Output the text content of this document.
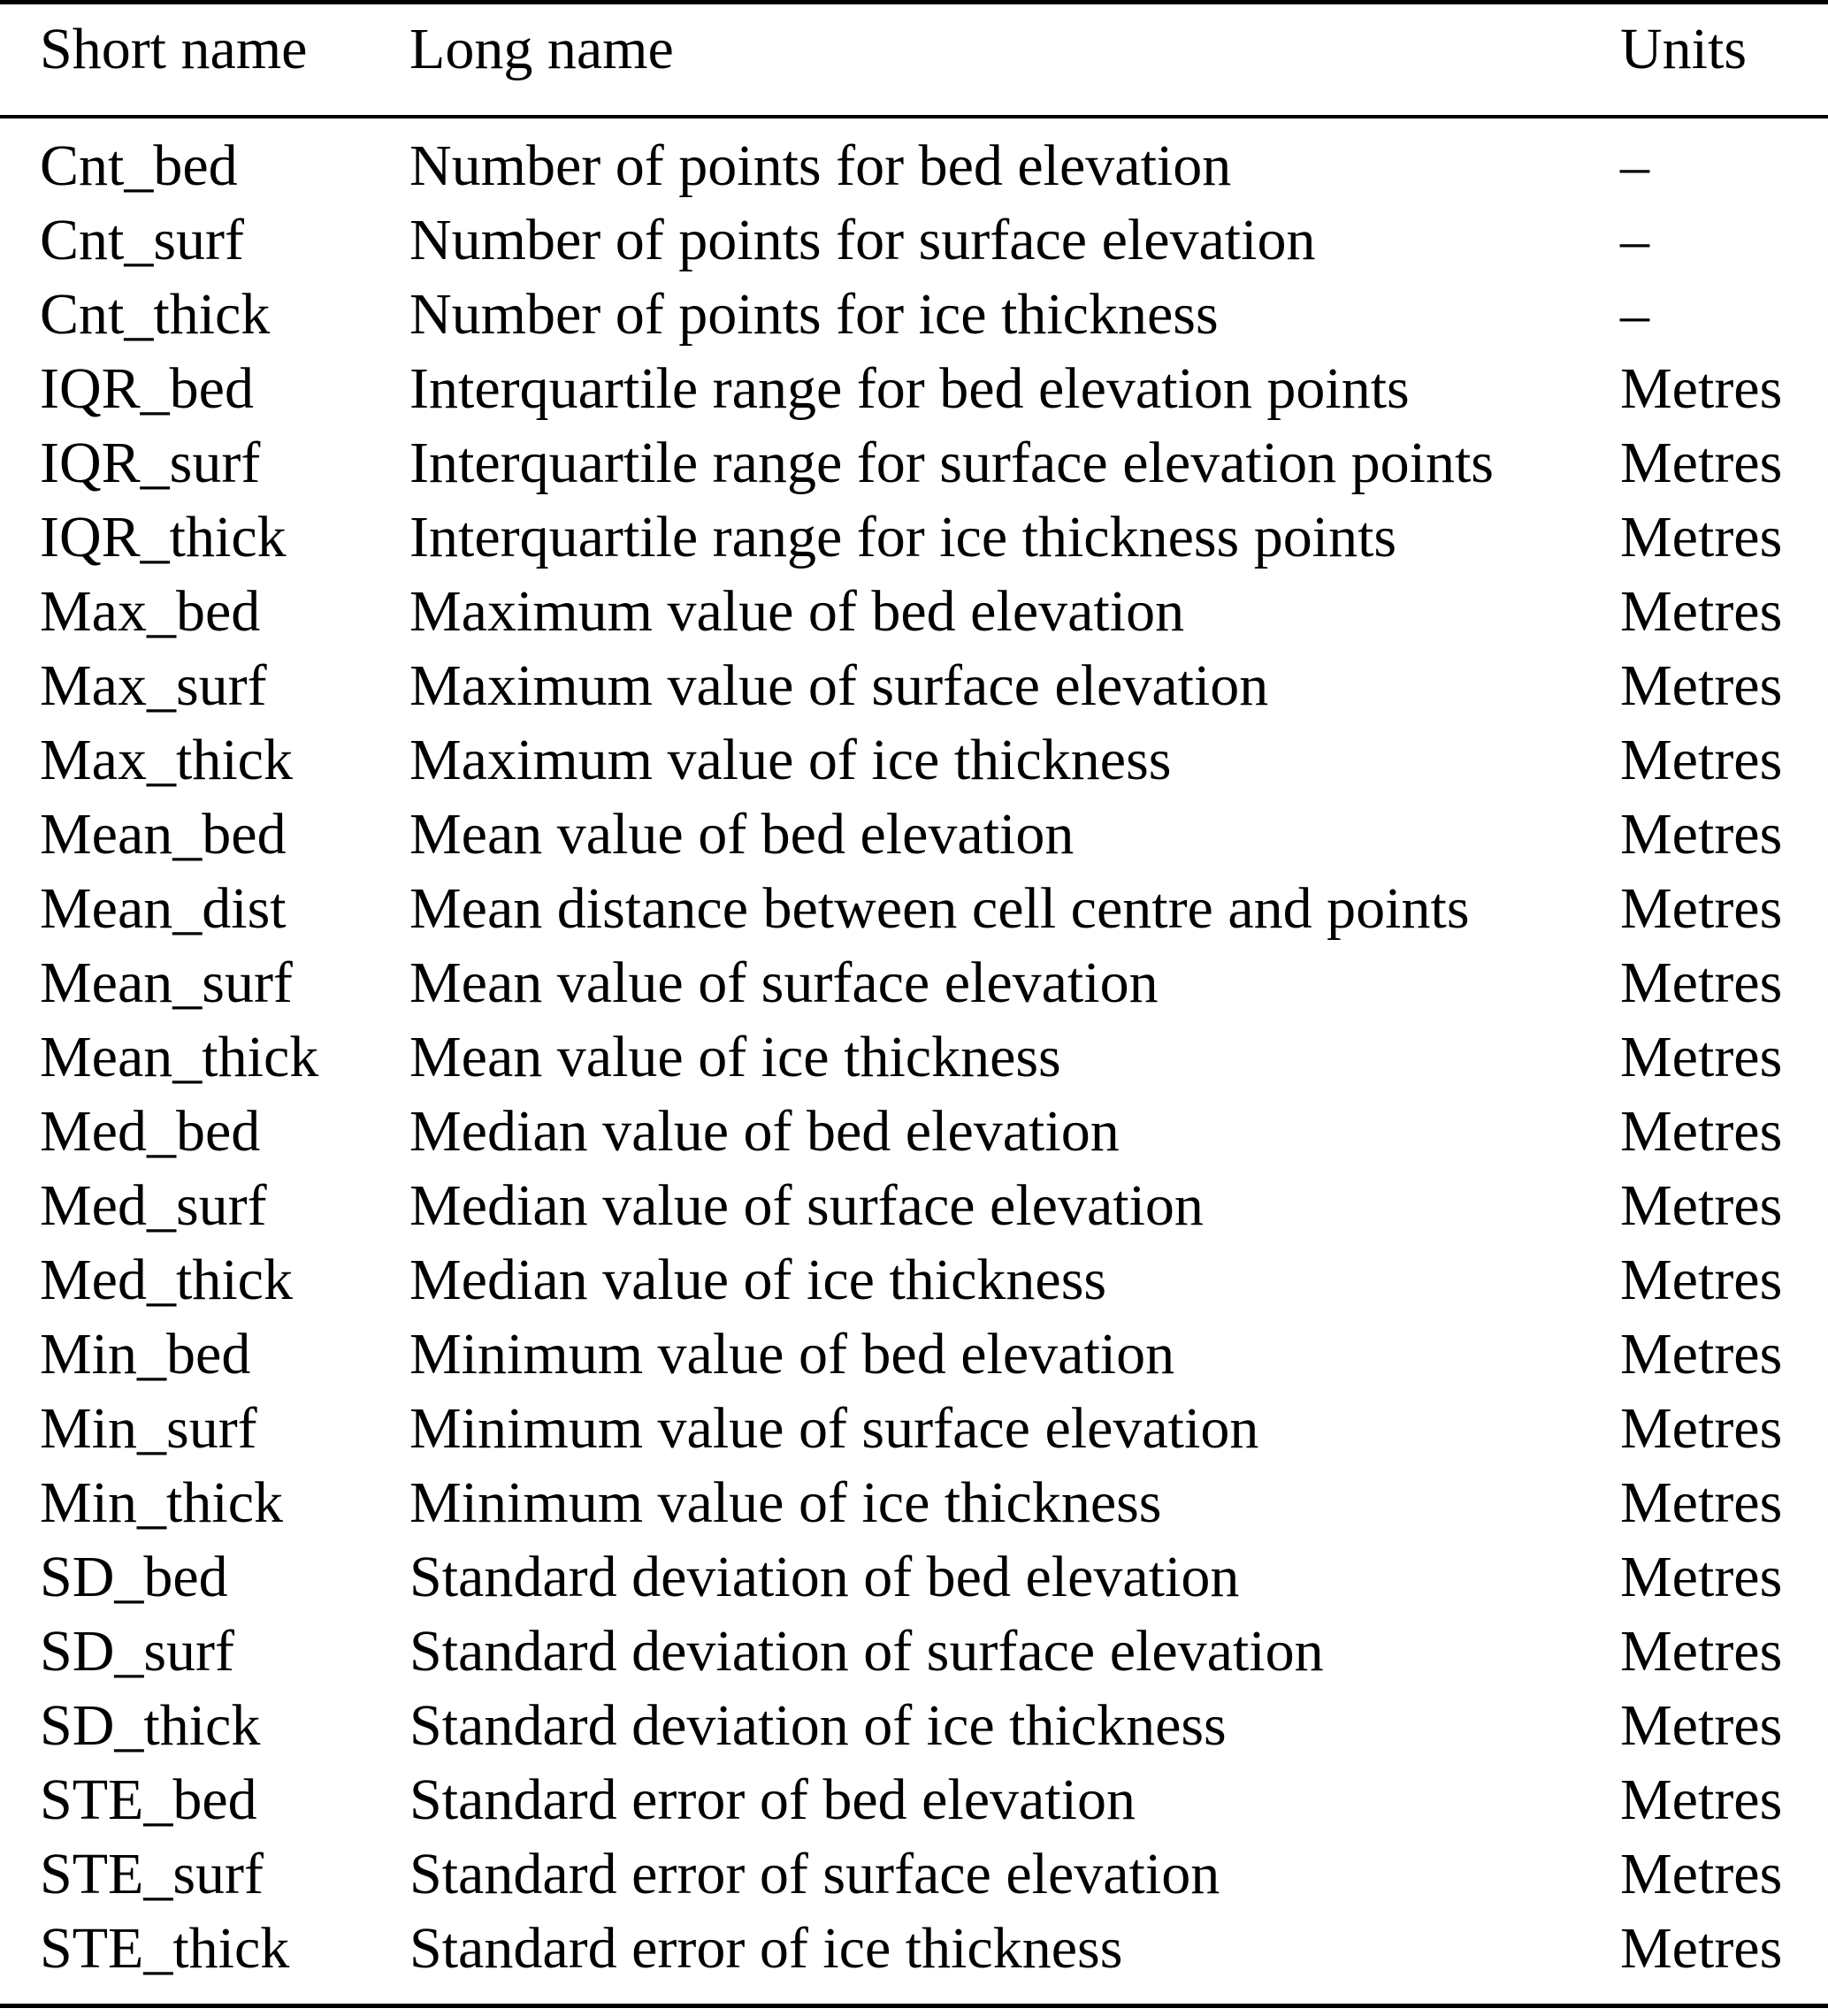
Short name	Long name	Units
Cnt_bed	Number of points for bed elevation	–
Cnt_surf	Number of points for surface elevation	–
Cnt_thick	Number of points for ice thickness	–
IQR_bed	Interquartile range for bed elevation points	Metres
IQR_surf	Interquartile range for surface elevation points	Metres
IQR_thick	Interquartile range for ice thickness points	Metres
Max_bed	Maximum value of bed elevation	Metres
Max_surf	Maximum value of surface elevation	Metres
Max_thick	Maximum value of ice thickness	Metres
Mean_bed	Mean value of bed elevation	Metres
Mean_dist	Mean distance between cell centre and points	Metres
Mean_surf	Mean value of surface elevation	Metres
Mean_thick	Mean value of ice thickness	Metres
Med_bed	Median value of bed elevation	Metres
Med_surf	Median value of surface elevation	Metres
Med_thick	Median value of ice thickness	Metres
Min_bed	Minimum value of bed elevation	Metres
Min_surf	Minimum value of surface elevation	Metres
Min_thick	Minimum value of ice thickness	Metres
SD_bed	Standard deviation of bed elevation	Metres
SD_surf	Standard deviation of surface elevation	Metres
SD_thick	Standard deviation of ice thickness	Metres
STE_bed	Standard error of bed elevation	Metres
STE_surf	Standard error of surface elevation	Metres
STE_thick	Standard error of ice thickness	Metres
